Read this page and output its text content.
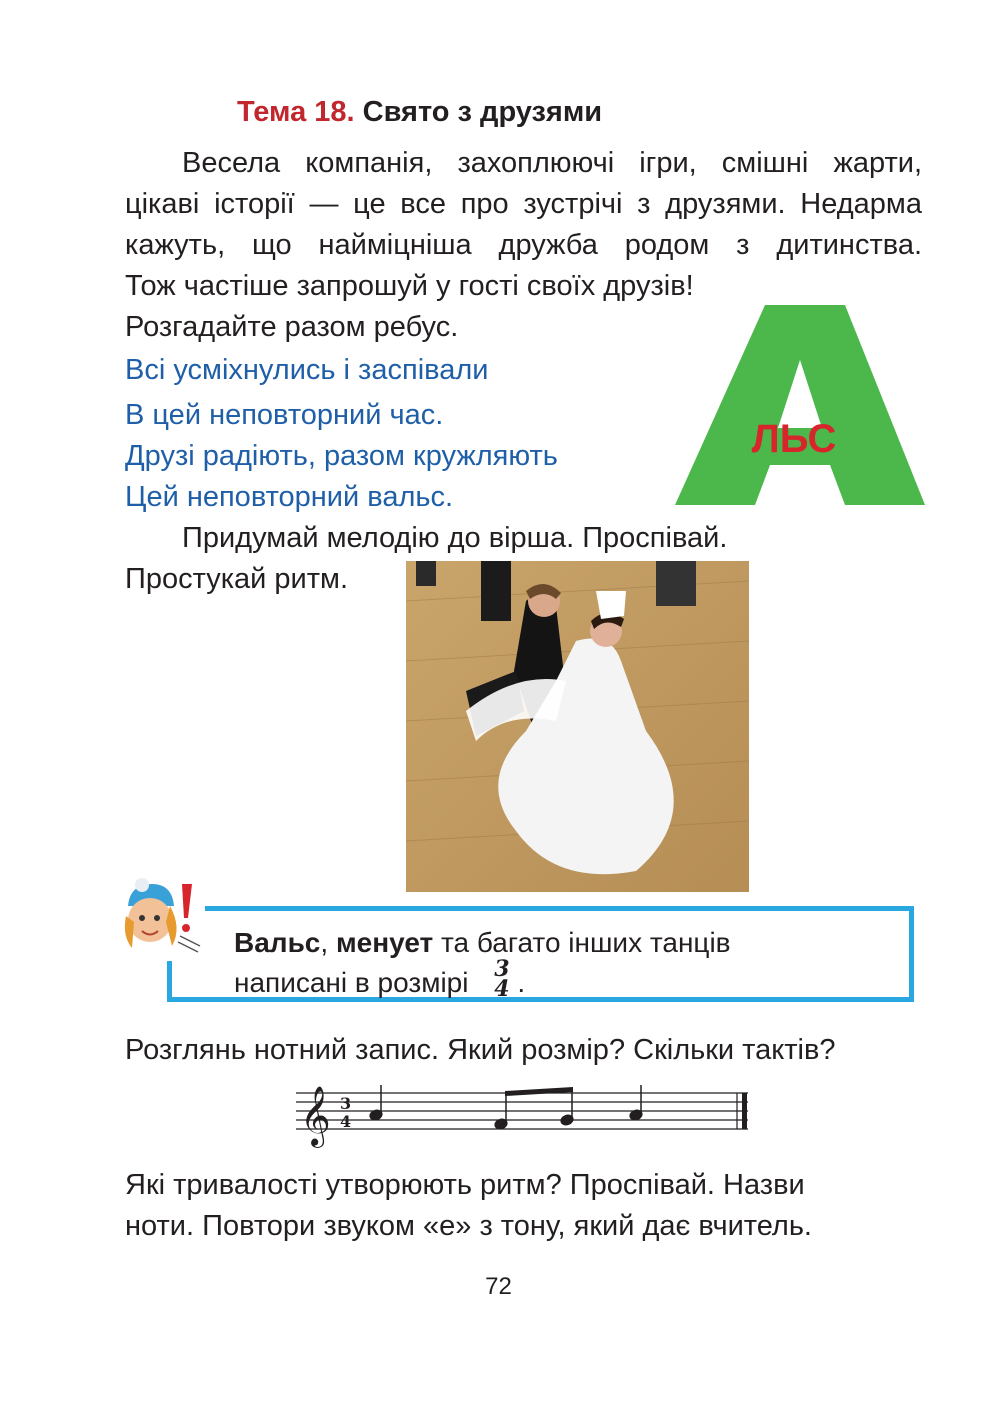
Тема 18. Свято з друзями
Весела компанія, захоплюючі ігри, смішні жарти,
цікаві історії — це все про зустрічі з друзями. Недарма
кажуть, що найміцніша дружба родом з дитинства.
Тож частіше запрошуй у гості своїх друзів!
Розгадайте разом ребус.
Всі усміхнулись і заспівали
В цей неповторний час.
Друзі радіють, разом кружляють
Цей неповторний вальс.
ЛЬС
Придумай мелодію до вірша. Проспівай.
Простукай ритм.
Вальс, менует та багато інших танців
написані в розмірі 3
4 .
Розглянь нотний запис. Який розмір? Скільки тактів?
𝄞 3
4
Які тривалості утворюють ритм? Проспівай. Назви
ноти. Повтори звуком «е» з тону, який дає вчитель.
72
